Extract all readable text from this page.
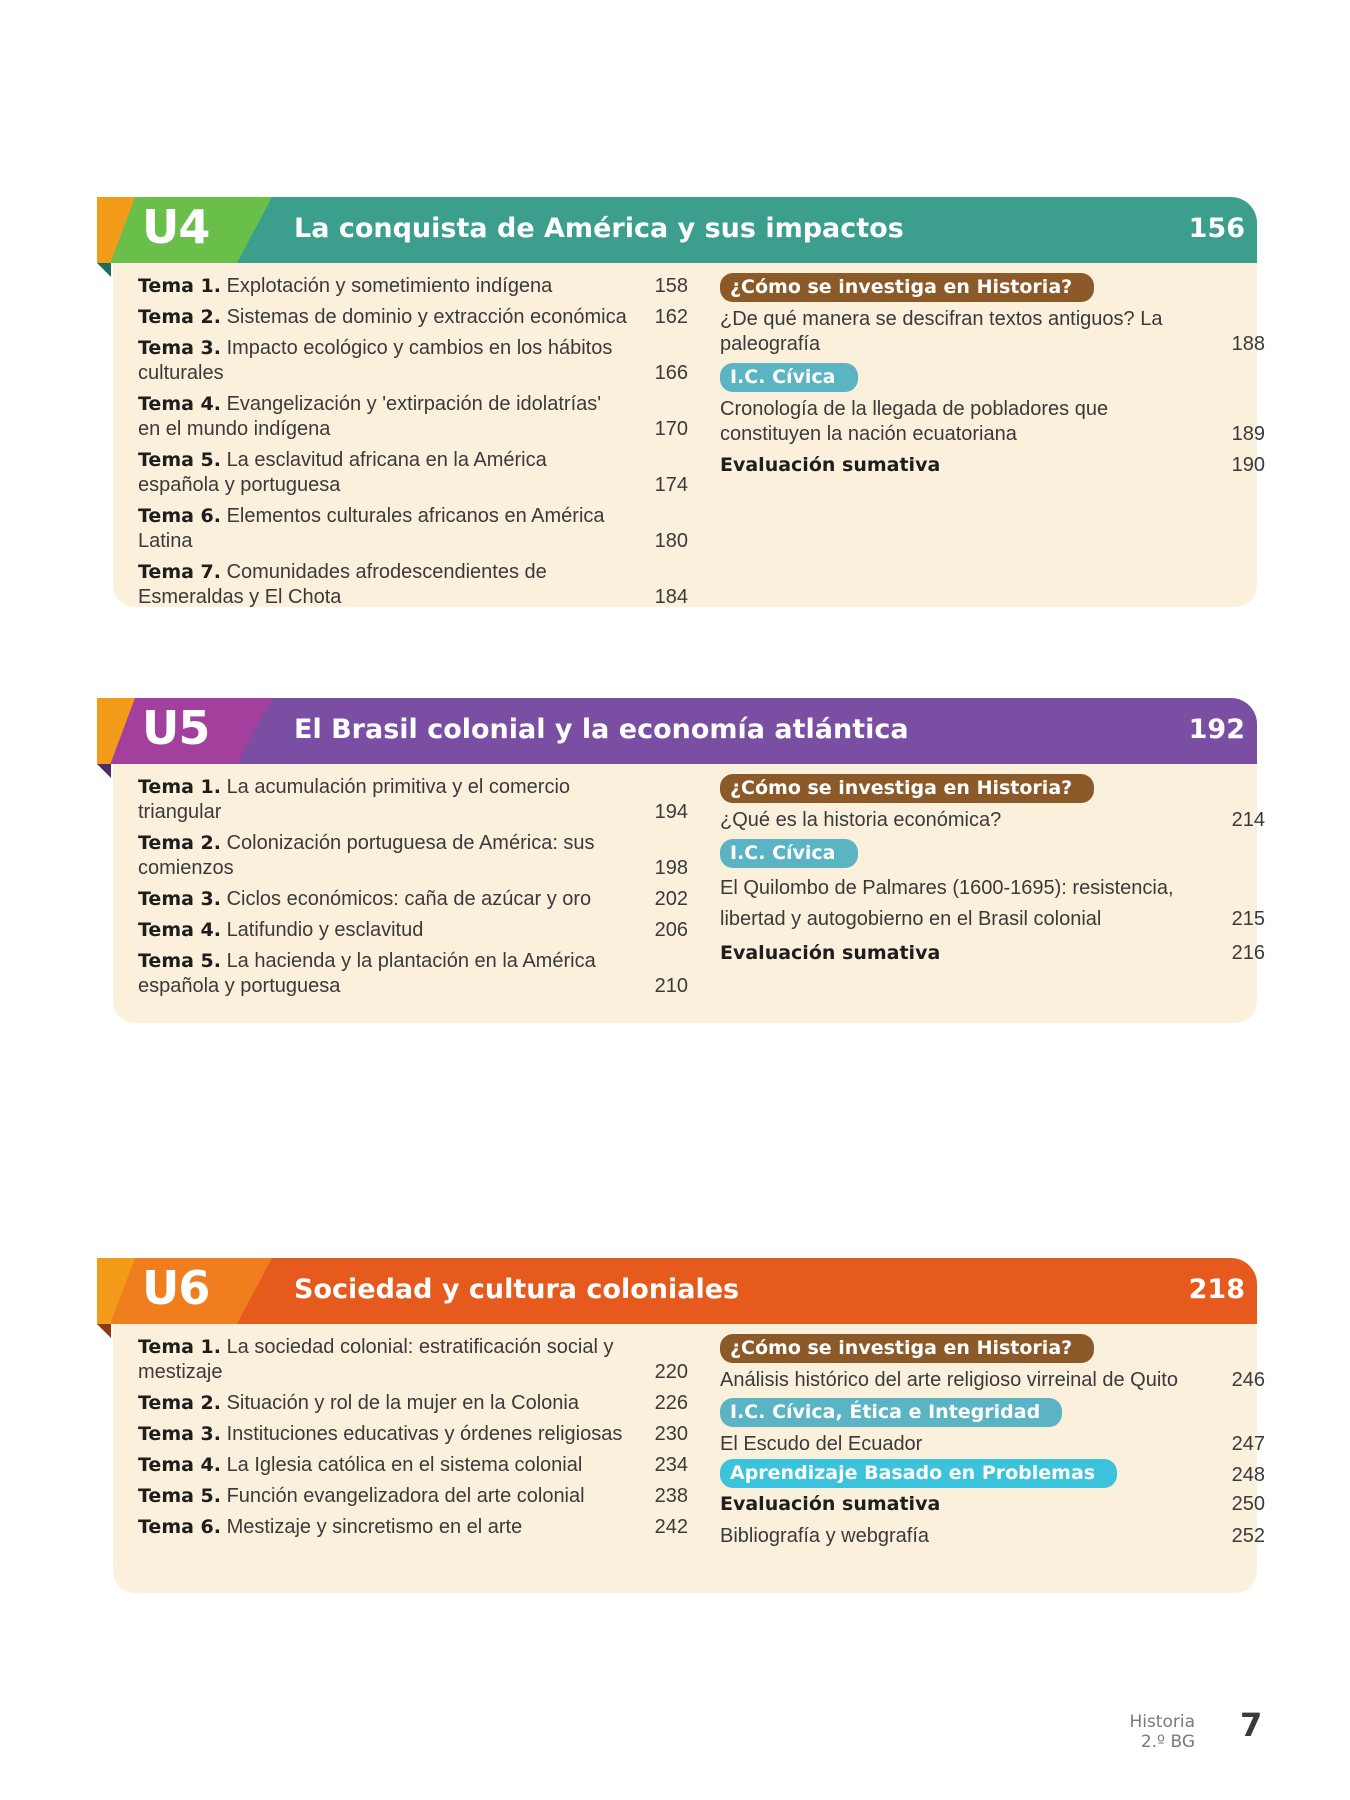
U4	La conquista de América y sus impactos	156
Tema 1. Explotación y sometimiento indígena	158
Tema 2. Sistemas de dominio y extracción económica	162
Tema 3. Impacto ecológico y cambios en los hábitos culturales	166
Tema 4. Evangelización y 'extirpación de idolatrías' en el mundo indígena	170
Tema 5. La esclavitud africana en la América española y portuguesa	174
Tema 6. Elementos culturales africanos en América Latina	180
Tema 7. Comunidades afrodescendientes de Esmeraldas y El Chota	184
¿Cómo se investiga en Historia?
¿De qué manera se descifran textos antiguos? La paleografía	188
I.C. Cívica
Cronología de la llegada de pobladores que constituyen la nación ecuatoriana	189
Evaluación sumativa	190
U5	El Brasil colonial y la economía atlántica	192
Tema 1. La acumulación primitiva y el comercio triangular	194
Tema 2. Colonización portuguesa de América: sus comienzos	198
Tema 3. Ciclos económicos: caña de azúcar y oro	202
Tema 4. Latifundio y esclavitud	206
Tema 5. La hacienda y la plantación en la América española y portuguesa	210
¿Cómo se investiga en Historia?
¿Qué es la historia económica?	214
I.C. Cívica
El Quilombo de Palmares (1600-1695): resistencia, libertad y autogobierno en el Brasil colonial	215
Evaluación sumativa	216
U6	Sociedad y cultura coloniales	218
Tema 1. La sociedad colonial: estratificación social y mestizaje	220
Tema 2. Situación y rol de la mujer en la Colonia	226
Tema 3. Instituciones educativas y órdenes religiosas	230
Tema 4. La Iglesia católica en el sistema colonial	234
Tema 5. Función evangelizadora del arte colonial	238
Tema 6. Mestizaje y sincretismo en el arte	242
¿Cómo se investiga en Historia?
Análisis histórico del arte religioso virreinal de Quito	246
I.C. Cívica, Ética e Integridad
El Escudo del Ecuador	247
Aprendizaje Basado en Problemas	248
Evaluación sumativa	250
Bibliografía y webgrafía	252
Historia
2.º BG 7
